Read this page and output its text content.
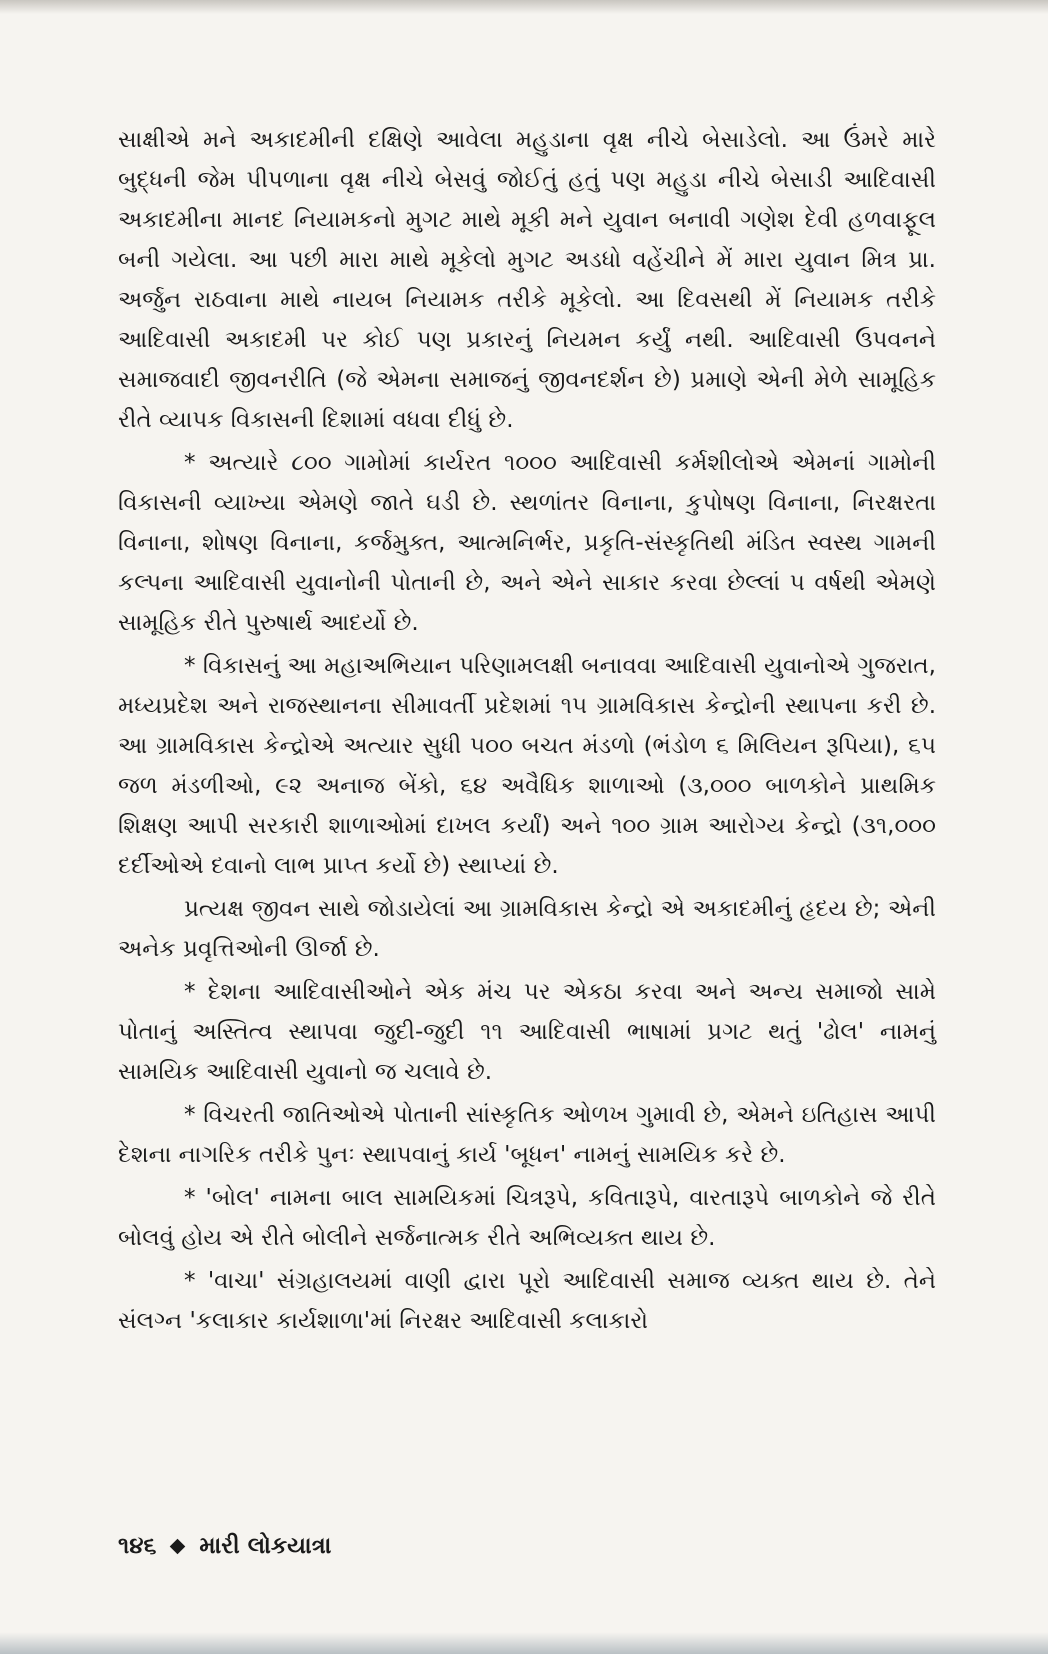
સાક્ષીએ મને અકાદમીની દક્ષિણે આવેલા મહુડાના વૃક્ષ નીચે બેસાડેલો. આ ઉંમરે મારે બુદ્ધની જેમ પીપળાના વૃક્ષ નીચે બેસવું જોઈતું હતું પણ મહુડા નીચે બેસાડી આદિવાસી અકાદમીના માનદ નિયામકનો મુગટ માથે મૂકી મને યુવાન બનાવી ગણેશ દેવી હળવાફૂલ બની ગયેલા. આ પછી મારા માથે મૂકેલો મુગટ અડધો વહેંચીને મેં મારા યુવાન મિત્ર પ્રા. અર્જુન રાઠવાના માથે નાયબ નિયામક તરીકે મૂકેલો. આ દિવસથી મેં નિયામક તરીકે આદિવાસી અકાદમી પર કોઈ પણ પ્રકારનું નિયમન કર્યું નથી. આદિવાસી ઉપવનને સમાજવાદી જીવનરીતિ (જે એમના સમાજનું જીવનદર્શન છે) પ્રમાણે એની મેળે સામૂહિક રીતે વ્યાપક વિકાસની દિશામાં વધવા દીધું છે.

* અત્યારે ૮૦૦ ગામોમાં કાર્યરત ૧૦૦૦ આદિવાસી કર્મશીલોએ એમનાં ગામોની વિકાસની વ્યાખ્યા એમણે જાતે ઘડી છે. સ્થળાંતર વિનાના, કુપોષણ વિનાના, નિરક્ષરતા વિનાના, શોષણ વિનાના, કર્જમુક્ત, આત્મનિર્ભર, પ્રકૃતિ-સંસ્કૃતિથી મંડિત સ્વસ્થ ગામની કલ્પના આદિવાસી યુવાનોની પોતાની છે, અને એને સાકાર કરવા છેલ્લાં ૫ વર્ષથી એમણે સામૂહિક રીતે પુરુષાર્થ આદર્યો છે.

* વિકાસનું આ મહાઅભિયાન પરિણામલક્ષી બનાવવા આદિવાસી યુવાનોએ ગુજરાત, મધ્યપ્રદેશ અને રાજસ્થાનના સીમાવર્તી પ્રદેશમાં ૧૫ ગ્રામવિકાસ કેન્દ્રોની સ્થાપના કરી છે. આ ગ્રામવિકાસ કેન્દ્રોએ અત્યાર સુધી ૫૦૦ બચત મંડળો (ભંડોળ ૬ મિલિયન રૂપિયા), ૬૫ જળ મંડળીઓ, ૯૨ અનાજ બેંકો, ૬૪ અવૈધિક શાળાઓ (૩,૦૦૦ બાળકોને પ્રાથમિક શિક્ષણ આપી સરકારી શાળાઓમાં દાખલ કર્યાં) અને ૧૦૦ ગ્રામ આરોગ્ય કેન્દ્રો (૩૧,૦૦૦ દર્દીઓએ દવાનો લાભ પ્રાપ્ત કર્યો છે) સ્થાપ્યાં છે.

પ્રત્યક્ષ જીવન સાથે જોડાયેલાં આ ગ્રામવિકાસ કેન્દ્રો એ અકાદમીનું હૃદય છે; એની અનેક પ્રવૃત્તિઓની ઊર્જા છે.

* દેશના આદિવાસીઓને એક મંચ પર એકઠા કરવા અને અન્ય સમાજો સામે પોતાનું અસ્તિત્વ સ્થાપવા જુદી-જુદી ૧૧ આદિવાસી ભાષામાં પ્રગટ થતું 'ઢોલ' નામનું સામયિક આદિવાસી યુવાનો જ ચલાવે છે.

* વિચરતી જાતિઓએ પોતાની સાંસ્કૃતિક ઓળખ ગુમાવી છે, એમને ઇતિહાસ આપી દેશના નાગરિક તરીકે પુનઃ સ્થાપવાનું કાર્ય 'બૂધન' નામનું સામયિક કરે છે.

* 'બોલ' નામના બાલ સામયિકમાં ચિત્રરૂપે, કવિતારૂપે, વારતારૂપે બાળકોને જે રીતે બોલવું હોય એ રીતે બોલીને સર્જનાત્મક રીતે અભિવ્યક્ત થાય છે.

* 'વાચા' સંગ્રહાલયમાં વાણી દ્વારા પૂરો આદિવાસી સમાજ વ્યક્ત થાય છે. તેને સંલગ્ન 'કલાકાર કાર્યશાળા'માં નિરક્ષર આદિવાસી કલાકારો

૧૪૬ મારી લોકયાત્રા
